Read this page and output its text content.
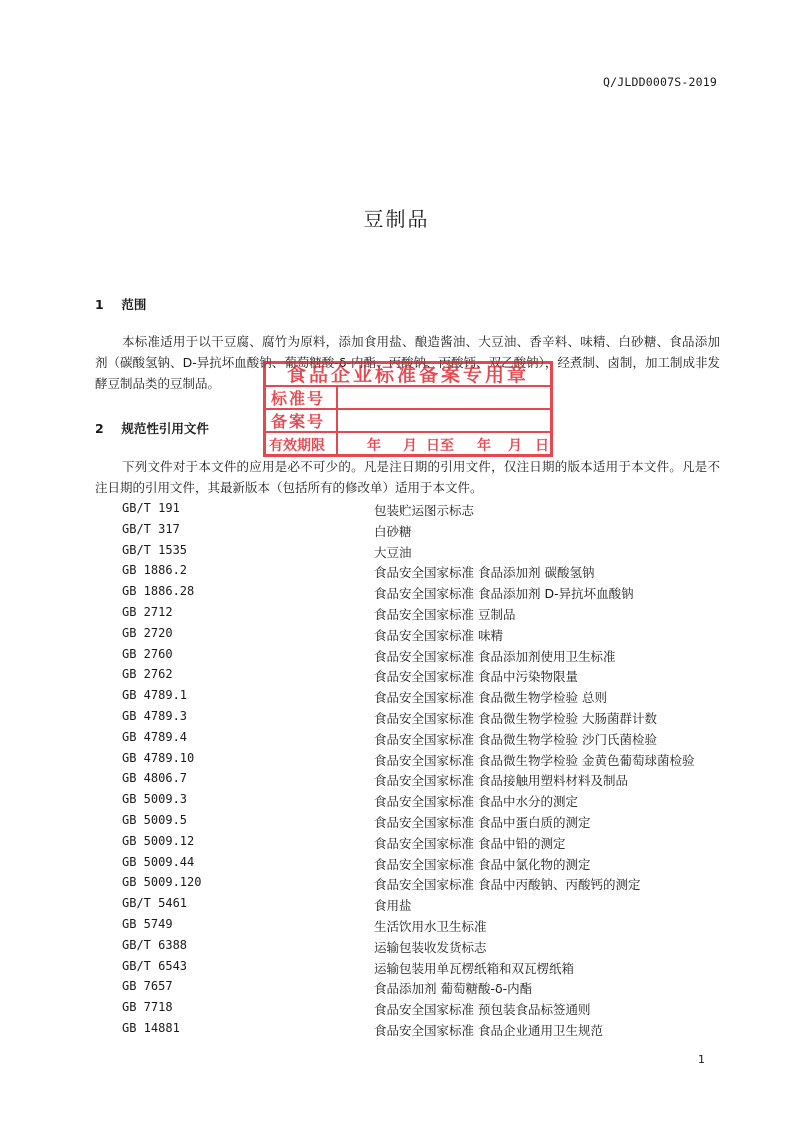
Q/JLDD0007S-2019
豆制品
1 范围
本标准适用于以干豆腐、腐竹为原料，添加食用盐、酿造酱油、大豆油、香辛料、味精、白砂糖、食品添加剂（碳酸氢钠、D-异抗坏血酸钠、葡萄糖酸-δ-内酯、丙酸钠、丙酸钙、双乙酸钠），经煮制、卤制，加工制成非发酵豆制品类的豆制品。
2 规范性引用文件
下列文件对于本文件的应用是必不可少的。凡是注日期的引用文件，仅注日期的版本适用于本文件。凡是不注日期的引用文件，其最新版本（包括所有的修改单）适用于本文件。
GB/T 191	包装贮运图示标志
GB/T 317	白砂糖
GB/T 1535	大豆油
GB 1886.2	食品安全国家标准 食品添加剂 碳酸氢钠
GB 1886.28	食品安全国家标准 食品添加剂 D-异抗坏血酸钠
GB 2712	食品安全国家标准 豆制品
GB 2720	食品安全国家标准 味精
GB 2760	食品安全国家标准 食品添加剂使用卫生标准
GB 2762	食品安全国家标准 食品中污染物限量
GB 4789.1	食品安全国家标准 食品微生物学检验 总则
GB 4789.3	食品安全国家标准 食品微生物学检验 大肠菌群计数
GB 4789.4	食品安全国家标准 食品微生物学检验 沙门氏菌检验
GB 4789.10	食品安全国家标准 食品微生物学检验 金黄色葡萄球菌检验
GB 4806.7	食品安全国家标准 食品接触用塑料材料及制品
GB 5009.3	食品安全国家标准 食品中水分的测定
GB 5009.5	食品安全国家标准 食品中蛋白质的测定
GB 5009.12	食品安全国家标准 食品中铅的测定
GB 5009.44	食品安全国家标准 食品中氯化物的测定
GB 5009.120	食品安全国家标准 食品中丙酸钠、丙酸钙的测定
GB/T 5461	食用盐
GB 5749	生活饮用水卫生标准
GB/T 6388	运输包装收发货标志
GB/T 6543	运输包装用单瓦楞纸箱和双瓦楞纸箱
GB 7657	食品添加剂 葡萄糖酸-δ-内酯
GB 7718	食品安全国家标准 预包装食品标签通则
GB 14881	食品安全国家标准 食品企业通用卫生规范
食品企业标准备案专用章
标准号
备案号
有效期限	年 月 日至 年 月 日
1
